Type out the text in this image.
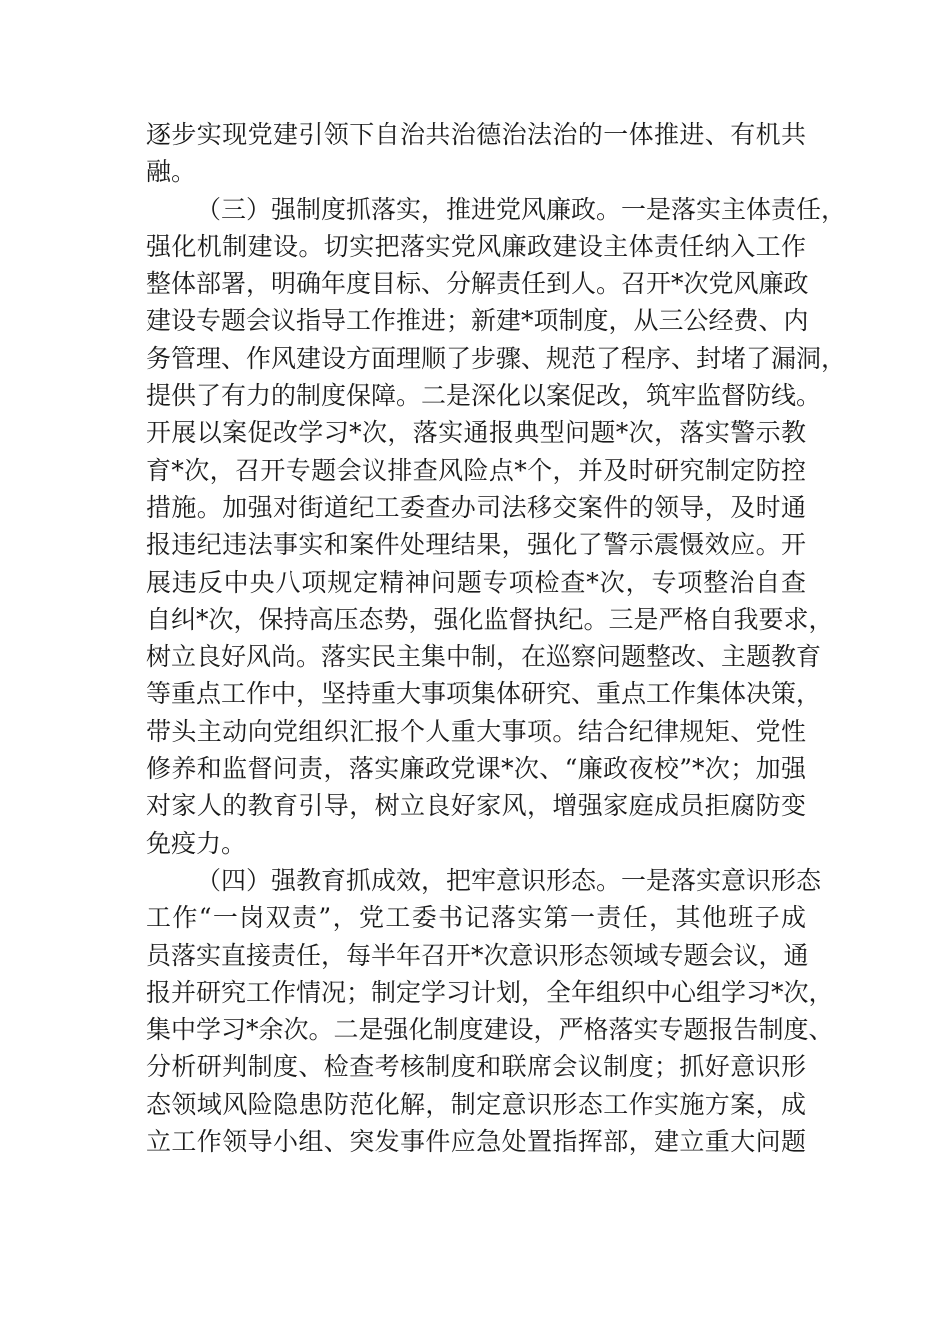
逐步实现党建引领下自治共治德治法治的一体推进、有机共
融。
（三）强制度抓落实，推进党风廉政。一是落实主体责任，
强化机制建设。切实把落实党风廉政建设主体责任纳入工作
整体部署，明确年度目标、分解责任到人。召开*次党风廉政
建设专题会议指导工作推进；新建*项制度，从三公经费、内
务管理、作风建设方面理顺了步骤、规范了程序、封堵了漏洞，
提供了有力的制度保障。二是深化以案促改，筑牢监督防线。
开展以案促改学习*次，落实通报典型问题*次，落实警示教
育*次，召开专题会议排查风险点*个，并及时研究制定防控
措施。加强对街道纪工委查办司法移交案件的领导，及时通
报违纪违法事实和案件处理结果，强化了警示震慑效应。开
展违反中央八项规定精神问题专项检查*次，专项整治自查
自纠*次，保持高压态势，强化监督执纪。三是严格自我要求，
树立良好风尚。落实民主集中制，在巡察问题整改、主题教育
等重点工作中，坚持重大事项集体研究、重点工作集体决策，
带头主动向党组织汇报个人重大事项。结合纪律规矩、党性
修养和监督问责，落实廉政党课*次、“廉政夜校”*次；加强
对家人的教育引导，树立良好家风，增强家庭成员拒腐防变
免疫力。
（四）强教育抓成效，把牢意识形态。一是落实意识形态
工作“一岗双责”，党工委书记落实第一责任，其他班子成
员落实直接责任，每半年召开*次意识形态领域专题会议，通
报并研究工作情况；制定学习计划，全年组织中心组学习*次，
集中学习*余次。二是强化制度建设，严格落实专题报告制度、
分析研判制度、检查考核制度和联席会议制度；抓好意识形
态领域风险隐患防范化解，制定意识形态工作实施方案，成
立工作领导小组、突发事件应急处置指挥部，建立重大问题
